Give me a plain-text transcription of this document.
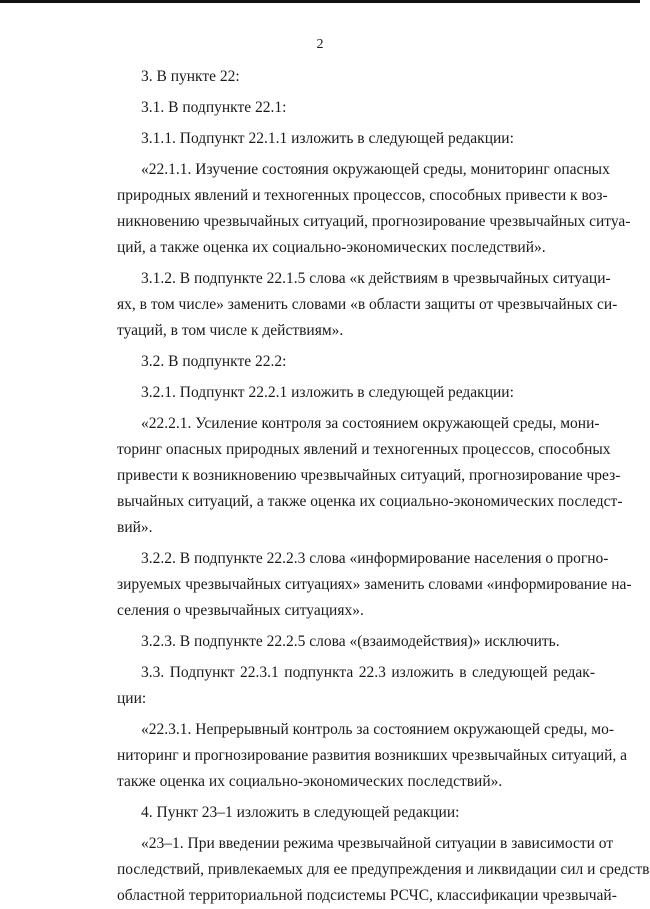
2
3. В пункте 22:
3.1. В подпункте 22.1:
3.1.1. Подпункт 22.1.1 изложить в следующей редакции:
«22.1.1. Изучение состояния окружающей среды, мониторинг опасных
природных явлений и техногенных процессов, способных привести к воз-
никновению чрезвычайных ситуаций, прогнозирование чрезвычайных ситуа-
ций, а также оценка их социально-экономических последствий».
3.1.2. В подпункте 22.1.5 слова «к действиям в чрезвычайных ситуаци-
ях, в том числе» заменить словами «в области защиты от чрезвычайных си-
туаций, в том числе к действиям».
3.2. В подпункте 22.2:
3.2.1. Подпункт 22.2.1 изложить в следующей редакции:
«22.2.1. Усиление контроля за состоянием окружающей среды, мони-
торинг опасных природных явлений и техногенных процессов, способных
привести к возникновению чрезвычайных ситуаций, прогнозирование чрез-
вычайных ситуаций, а также оценка их социально-экономических последст-
вий».
3.2.2. В подпункте 22.2.3 слова «информирование населения о прогно-
зируемых чрезвычайных ситуациях» заменить словами «информирование на-
селения о чрезвычайных ситуациях».
3.2.3. В подпункте 22.2.5 слова «(взаимодействия)» исключить.
3.3. Подпункт 22.3.1 подпункта 22.3 изложить в следующей редак-
ции:
«22.3.1. Непрерывный контроль за состоянием окружающей среды, мо-
ниторинг и прогнозирование развития возникших чрезвычайных ситуаций, а
также оценка их социально-экономических последствий».
4. Пункт 23–1 изложить в следующей редакции:
«23–1. При введении режима чрезвычайной ситуации в зависимости от
последствий, привлекаемых для ее предупреждения и ликвидации сил и средств
областной территориальной подсистемы РСЧС, классификации чрезвычай-
